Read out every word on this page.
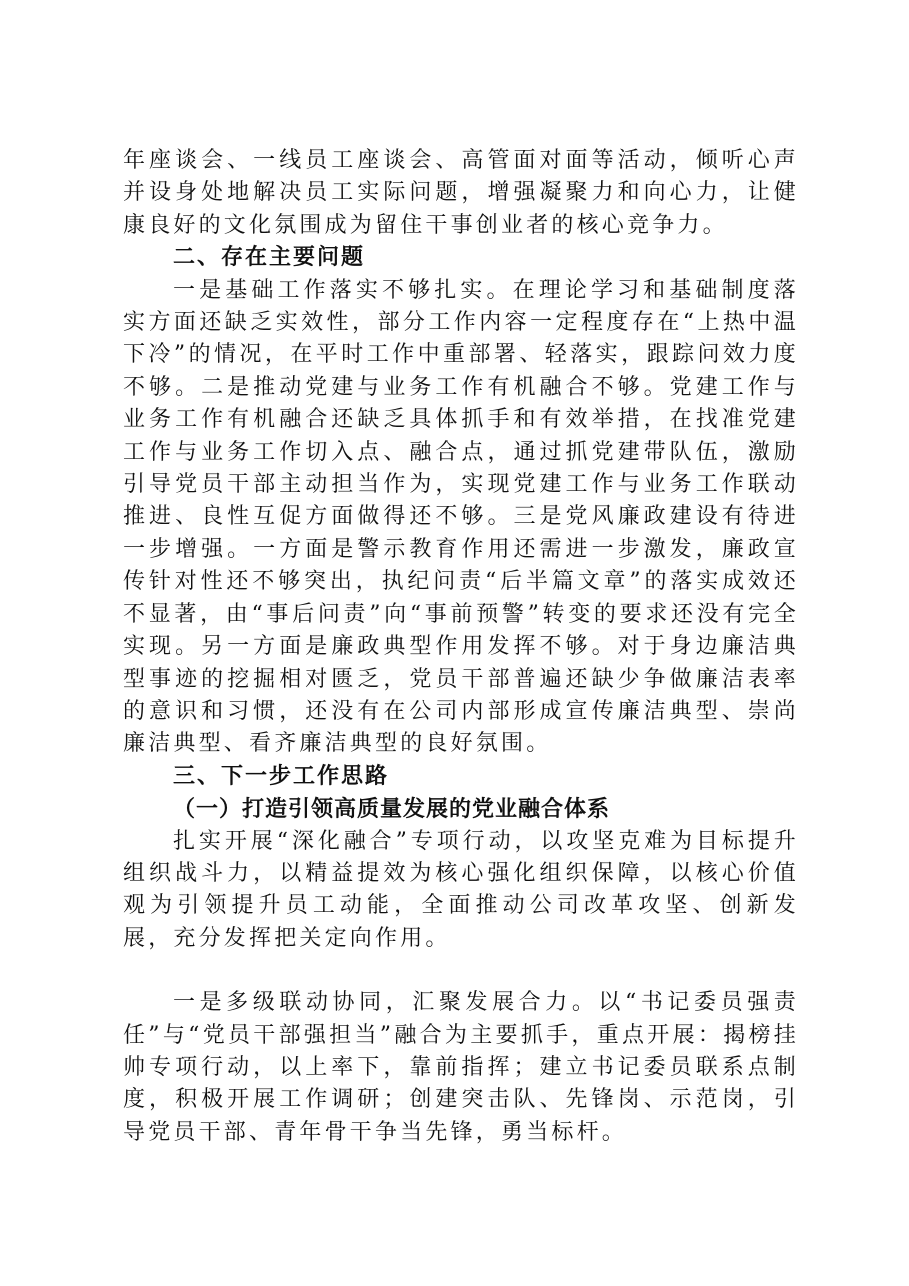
年座谈会、一线员工座谈会、高管面对面等活动，倾听心声并设身处地解决员工实际问题，增强凝聚力和向心力，让健康良好的文化氛围成为留住干事创业者的核心竞争力。

二、存在主要问题

一是基础工作落实不够扎实。在理论学习和基础制度落实方面还缺乏实效性，部分工作内容一定程度存在“上热中温下冷”的情况，在平时工作中重部署、轻落实，跟踪问效力度不够。二是推动党建与业务工作有机融合不够。党建工作与业务工作有机融合还缺乏具体抓手和有效举措，在找准党建工作与业务工作切入点、融合点，通过抓党建带队伍，激励引导党员干部主动担当作为，实现党建工作与业务工作联动推进、良性互促方面做得还不够。三是党风廉政建设有待进一步增强。一方面是警示教育作用还需进一步激发，廉政宣传针对性还不够突出，执纪问责“后半篇文章”的落实成效还不显著，由“事后问责”向“事前预警”转变的要求还没有完全实现。另一方面是廉政典型作用发挥不够。对于身边廉洁典型事迹的挖掘相对匮乏，党员干部普遍还缺少争做廉洁表率的意识和习惯，还没有在公司内部形成宣传廉洁典型、崇尚廉洁典型、看齐廉洁典型的良好氛围。

三、下一步工作思路

（一）打造引领高质量发展的党业融合体系

扎实开展“深化融合”专项行动，以攻坚克难为目标提升组织战斗力，以精益提效为核心强化组织保障，以核心价值观为引领提升员工动能，全面推动公司改革攻坚、创新发展，充分发挥把关定向作用。

一是多级联动协同，汇聚发展合力。以“书记委员强责任”与“党员干部强担当”融合为主要抓手，重点开展：揭榜挂帅专项行动，以上率下，靠前指挥；建立书记委员联系点制度，积极开展工作调研；创建突击队、先锋岗、示范岗，引导党员干部、青年骨干争当先锋，勇当标杆。
